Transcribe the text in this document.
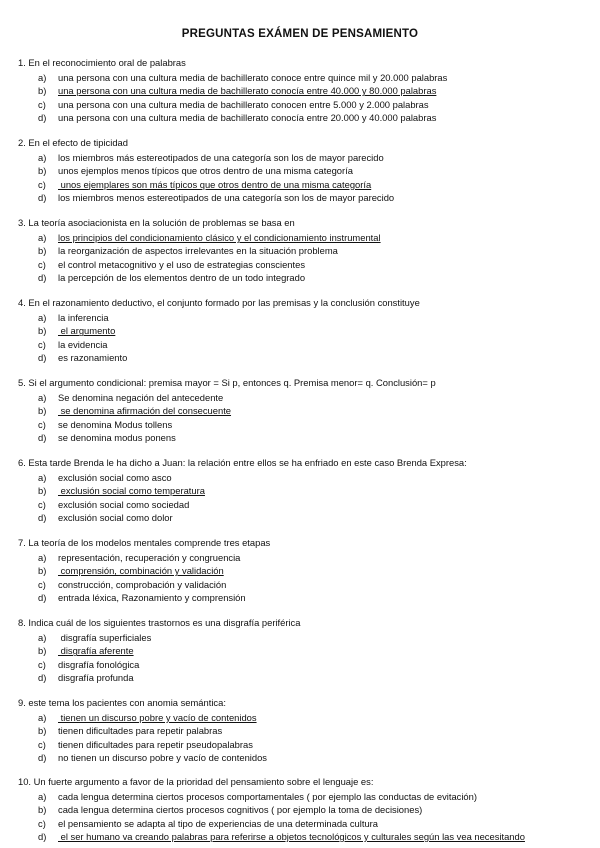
PREGUNTAS EXÁMEN DE PENSAMIENTO
1. En el reconocimiento oral de palabras
a) una persona con una cultura media de bachillerato conoce entre quince mil y 20.000 palabras
b) una persona con una cultura media de bachillerato conocía entre 40.000 y 80.000 palabras
c) una persona con una cultura media de bachillerato conocen entre 5.000 y 2.000 palabras
d) una persona con una cultura media de bachillerato conocía entre 20.000 y 40.000 palabras
2. En el efecto de tipicidad
a) los miembros más estereotipados de una categoría son los de mayor parecido
b) unos ejemplos menos típicos que otros dentro de una misma categoría
c) unos ejemplares son más típicos que otros dentro de una misma categoría
d) los miembros menos estereotipados de una categoría son los de mayor parecido
3. La teoría asociacionista en la solución de problemas se basa en
a) los principios del condicionamiento clásico y el condicionamiento instrumental
b) la reorganización de aspectos irrelevantes en la situación problema
c) el control metacognitivo y el uso de estrategias conscientes
d) la percepción de los elementos dentro de un todo integrado
4. En el razonamiento deductivo, el conjunto formado por las premisas y la conclusión constituye
a) la inferencia
b) el argumento
c) la evidencia
d) es razonamiento
5. Si el argumento condicional: premisa mayor = Si p, entonces q. Premisa menor= q. Conclusión= p
a) Se denomina negación del antecedente
b) se denomina afirmación del consecuente
c) se denomina Modus tollens
d) se denomina modus ponens
6. Esta tarde Brenda le ha dicho a Juan: la relación entre ellos se ha enfriado en este caso Brenda Expresa:
a) exclusión social como asco
b) exclusión social como temperatura
c) exclusión social como sociedad
d) exclusión social como dolor
7. La teoría de los modelos mentales comprende tres etapas
a) representación, recuperación y congruencia
b) comprensión, combinación y validación
c) construcción, comprobación y validación
d) entrada léxica, Razonamiento y comprensión
8. Indica cuál de los siguientes trastornos es una disgrafía periférica
a) disgrafía superficiales
b) disgrafía aferente
c) disgrafía fonológica
d) disgrafía profunda
9. este tema los pacientes con anomia semántica:
a) tienen un discurso pobre y vacío de contenidos
b) tienen dificultades para repetir palabras
c) tienen dificultades para repetir pseudopalabras
d) no tienen un discurso pobre y vacío de contenidos
10. Un fuerte argumento a favor de la prioridad del pensamiento sobre el lenguaje es:
a) cada lengua determina ciertos procesos comportamentales ( por ejemplo las conductas de evitación)
b) cada lengua determina ciertos procesos cognitivos ( por ejemplo la toma de decisiones)
c) el pensamiento se adapta al tipo de experiencias de una determinada cultura
d) el ser humano va creando palabras para referirse a objetos tecnológicos y culturales según las vea necesitando
